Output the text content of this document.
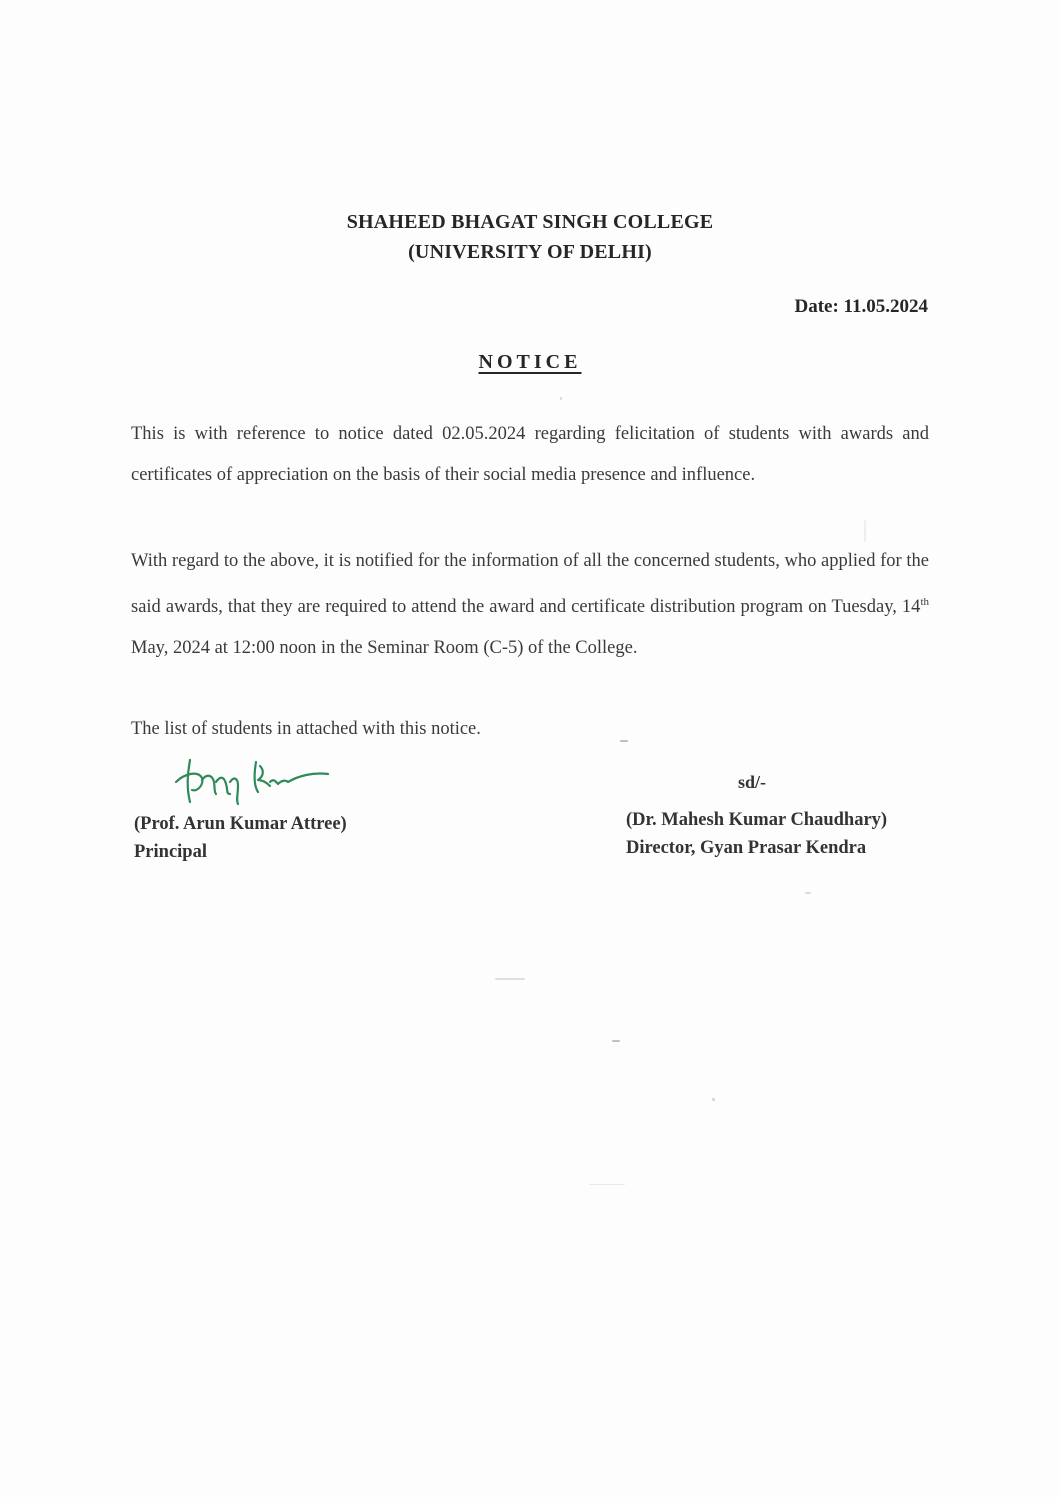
SHAHEED BHAGAT SINGH COLLEGE
(UNIVERSITY OF DELHI)
Date: 11.05.2024
NOTICE
This is with reference to notice dated 02.05.2024 regarding felicitation of students with awards and certificates of appreciation on the basis of their social media presence and influence.
With regard to the above, it is notified for the information of all the concerned students, who applied for the said awards, that they are required to attend the award and certificate distribution program on Tuesday, 14th May, 2024 at 12:00 noon in the Seminar Room (C-5) of the College.
The list of students in attached with this notice.
(Prof. Arun Kumar Attree)
Principal
sd/-
(Dr. Mahesh Kumar Chaudhary)
Director, Gyan Prasar Kendra
